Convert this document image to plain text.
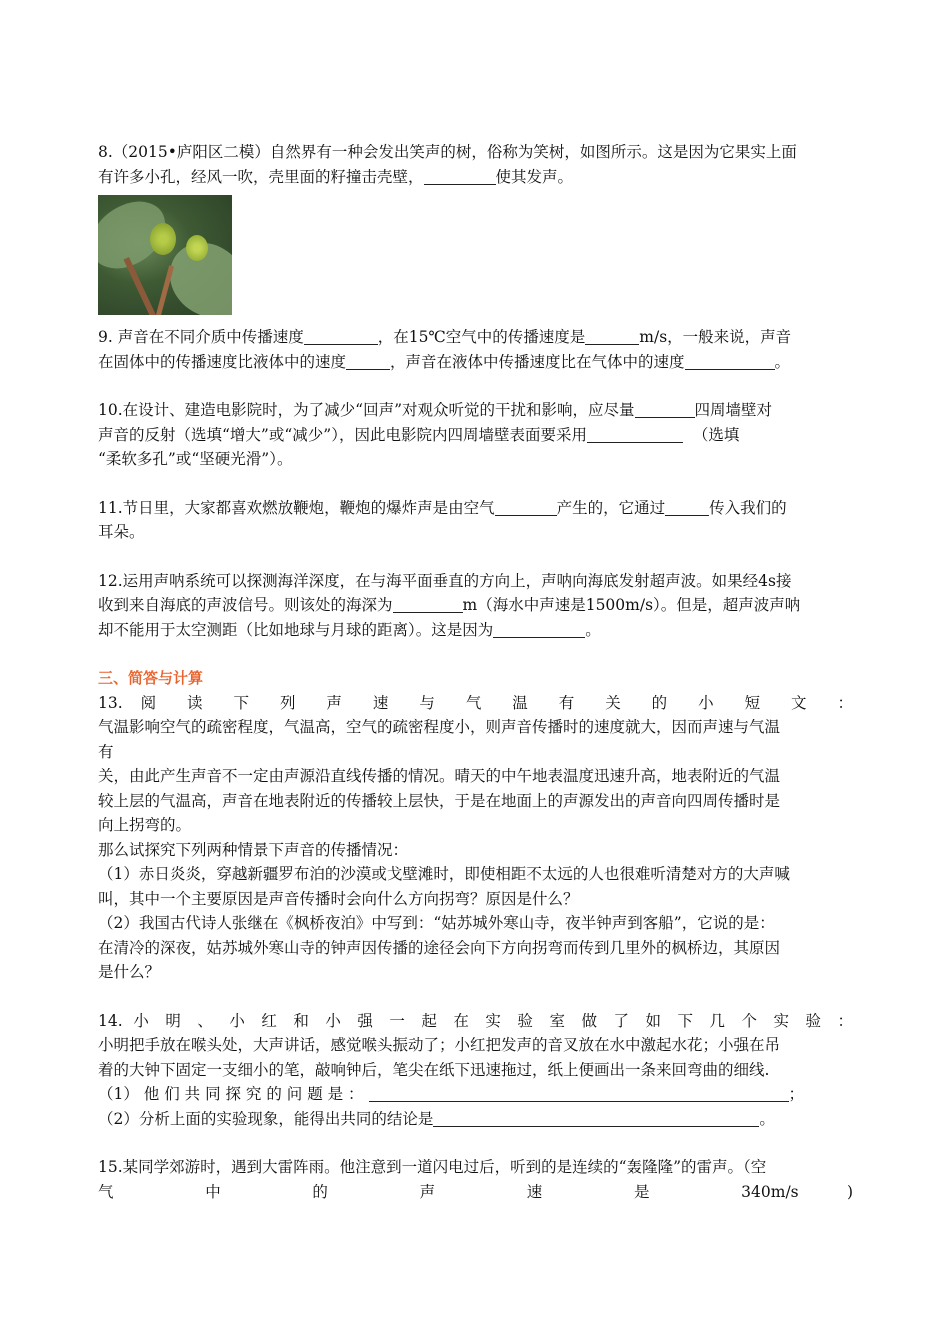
8.（2015•庐阳区二模）自然界有一种会发出笑声的树，俗称为笑树，如图所示。这是因为它果实上面

有许多小孔，经风一吹，壳里面的籽撞击壳壁，	使其发声。

9. 声音在不同介质中传播速度	，在15℃空气中的传播速度是	m/s，一般来说，声音

在固体中的传播速度比液体中的速度	，声音在液体中传播速度比在气体中的速度	。

10.在设计、建造电影院时，为了减少“回声”对观众听觉的干扰和影响，应尽量	四周墙壁对

声音的反射（选填“增大”或“减少”），因此电影院内四周墙壁表面要采用	（选填

“柔软多孔”或“坚硬光滑”）。

11.节日里，大家都喜欢燃放鞭炮，鞭炮的爆炸声是由空气	产生的，它通过	传入我们的

耳朵。

12.运用声呐系统可以探测海洋深度，在与海平面垂直的方向上，声呐向海底发射超声波。如果经4s接

收到来自海底的声波信号。则该处的海深为	m（海水中声速是1500m/s）。但是，超声波声呐

却不能用于太空测距（比如地球与月球的距离）。这是因为	。

三、简答与计算

13. 阅 读 下 列 声 速 与 气 温 有 关 的 小 短 文 ：

气温影响空气的疏密程度，气温高，空气的疏密程度小，则声音传播时的速度就大，因而声速与气温

有

关，由此产生声音不一定由声源沿直线传播的情况。晴天的中午地表温度迅速升高，地表附近的气温

较上层的气温高，声音在地表附近的传播较上层快，于是在地面上的声源发出的声音向四周传播时是

向上拐弯的。

那么试探究下列两种情景下声音的传播情况：

（1）赤日炎炎，穿越新疆罗布泊的沙漠或戈壁滩时，即使相距不太远的人也很难听清楚对方的大声喊

叫，其中一个主要原因是声音传播时会向什么方向拐弯？原因是什么？

（2）我国古代诗人张继在《枫桥夜泊》中写到：“姑苏城外寒山寺，夜半钟声到客船”，它说的是：

在清冷的深夜，姑苏城外寒山寺的钟声因传播的途径会向下方向拐弯而传到几里外的枫桥边，其原因

是什么？

14. 小 明 、 小 红 和 小 强 一 起 在 实 验 室 做 了 如 下 几 个 实 验 ：

小明把手放在喉头处，大声讲话，感觉喉头振动了；小红把发声的音叉放在水中激起水花；小强在吊

着的大钟下固定一支细小的笔，敲响钟后，笔尖在纸下迅速拖过，纸上便画出一条来回弯曲的细线.

（1） 他 们 共 同 探 究 的 问 题 是 ：	；

（2）分析上面的实验现象，能得出共同的结论是	。

15.某同学郊游时，遇到大雷阵雨。他注意到一道闪电过后，听到的是连续的“轰隆隆”的雷声。（空

气 中 的 声 速 是 340m/s )
